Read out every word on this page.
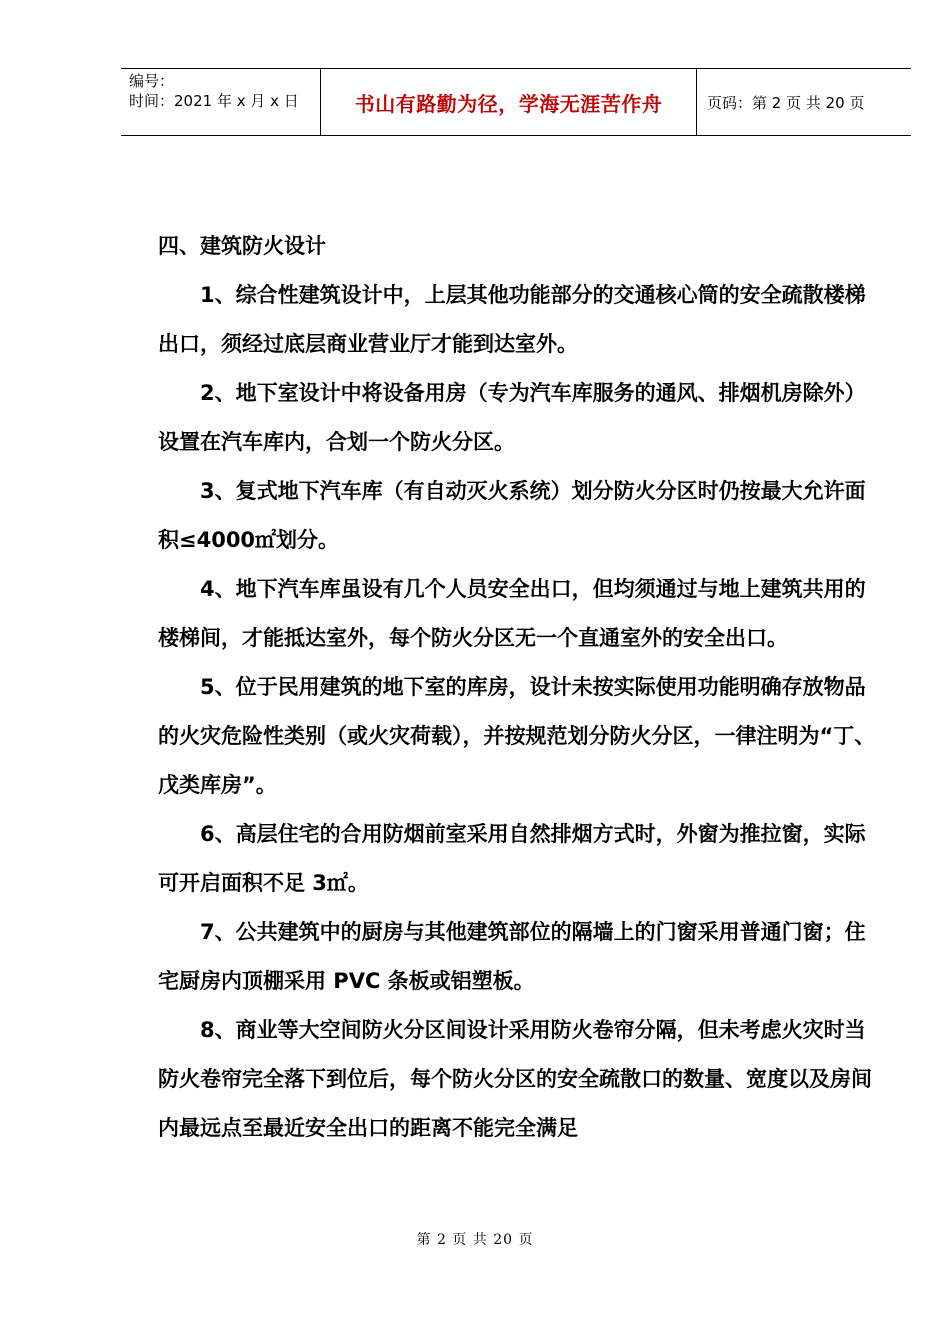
编号：
时间：2021 年 x 月 x 日	书山有路勤为径，学海无涯苦作舟	页码：第 2 页 共 20 页

四、建筑防火设计

1、综合性建筑设计中，上层其他功能部分的交通核心筒的安全疏散楼梯出口，须经过底层商业营业厅才能到达室外。

2、地下室设计中将设备用房（专为汽车库服务的通风、排烟机房除外）设置在汽车库内，合划一个防火分区。

3、复式地下汽车库（有自动灭火系统）划分防火分区时仍按最大允许面积≤4000㎡划分。

4、地下汽车库虽设有几个人员安全出口，但均须通过与地上建筑共用的楼梯间，才能抵达室外，每个防火分区无一个直通室外的安全出口。

5、位于民用建筑的地下室的库房，设计未按实际使用功能明确存放物品的火灾危险性类别（或火灾荷载），并按规范划分防火分区，一律注明为“丁、戊类库房”。

6、高层住宅的合用防烟前室采用自然排烟方式时，外窗为推拉窗，实际可开启面积不足 3㎡。

7、公共建筑中的厨房与其他建筑部位的隔墙上的门窗采用普通门窗；住宅厨房内顶棚采用 PVC 条板或铝塑板。

8、商业等大空间防火分区间设计采用防火卷帘分隔，但未考虑火灾时当防火卷帘完全落下到位后，每个防火分区的安全疏散口的数量、宽度以及房间内最远点至最近安全出口的距离不能完全满足

第 2 页 共 20 页
